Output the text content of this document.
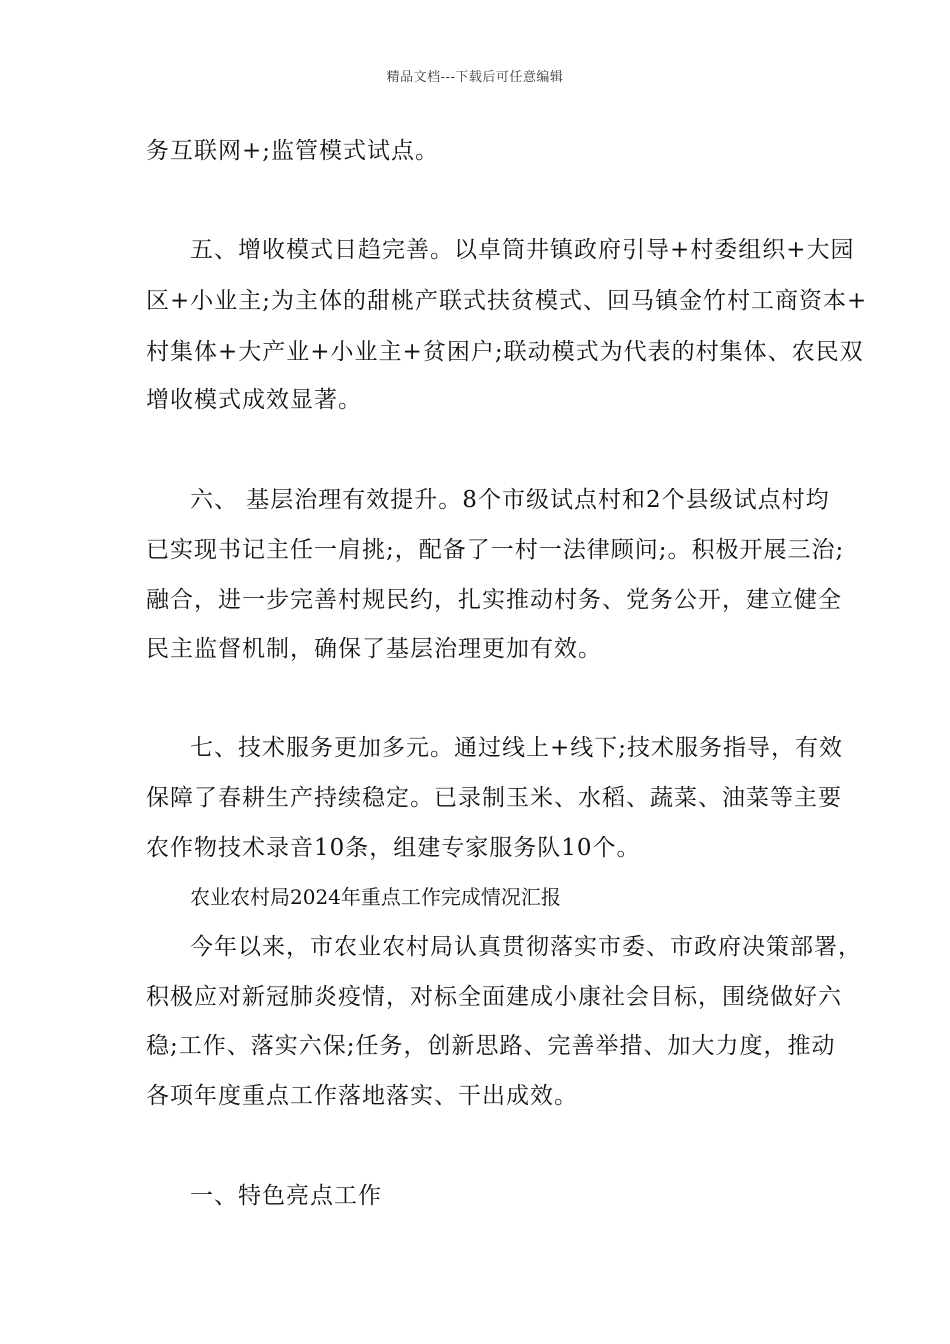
精品文档---下载后可任意编辑
务互联网+;监管模式试点。
五、增收模式日趋完善。以卓筒井镇政府引导+村委组织+大园
区+小业主;为主体的甜桃产联式扶贫模式、回马镇金竹村工商资本+
村集体+大产业+小业主+贫困户;联动模式为代表的村集体、农民双
增收模式成效显著。
六、 基层治理有效提升。8个市级试点村和2个县级试点村均
已实现书记主任一肩挑;，配备了一村一法律顾问;。积极开展三治;
融合，进一步完善村规民约，扎实推动村务、党务公开，建立健全
民主监督机制，确保了基层治理更加有效。
七、技术服务更加多元。通过线上+线下;技术服务指导，有效
保障了春耕生产持续稳定。已录制玉米、水稻、蔬菜、油菜等主要
农作物技术录音10条，组建专家服务队10个。
农业农村局2024年重点工作完成情况汇报
今年以来，市农业农村局认真贯彻落实市委、市政府决策部署，
积极应对新冠肺炎疫情，对标全面建成小康社会目标，围绕做好六
稳;工作、落实六保;任务，创新思路、完善举措、加大力度，推动
各项年度重点工作落地落实、干出成效。
一、特色亮点工作
